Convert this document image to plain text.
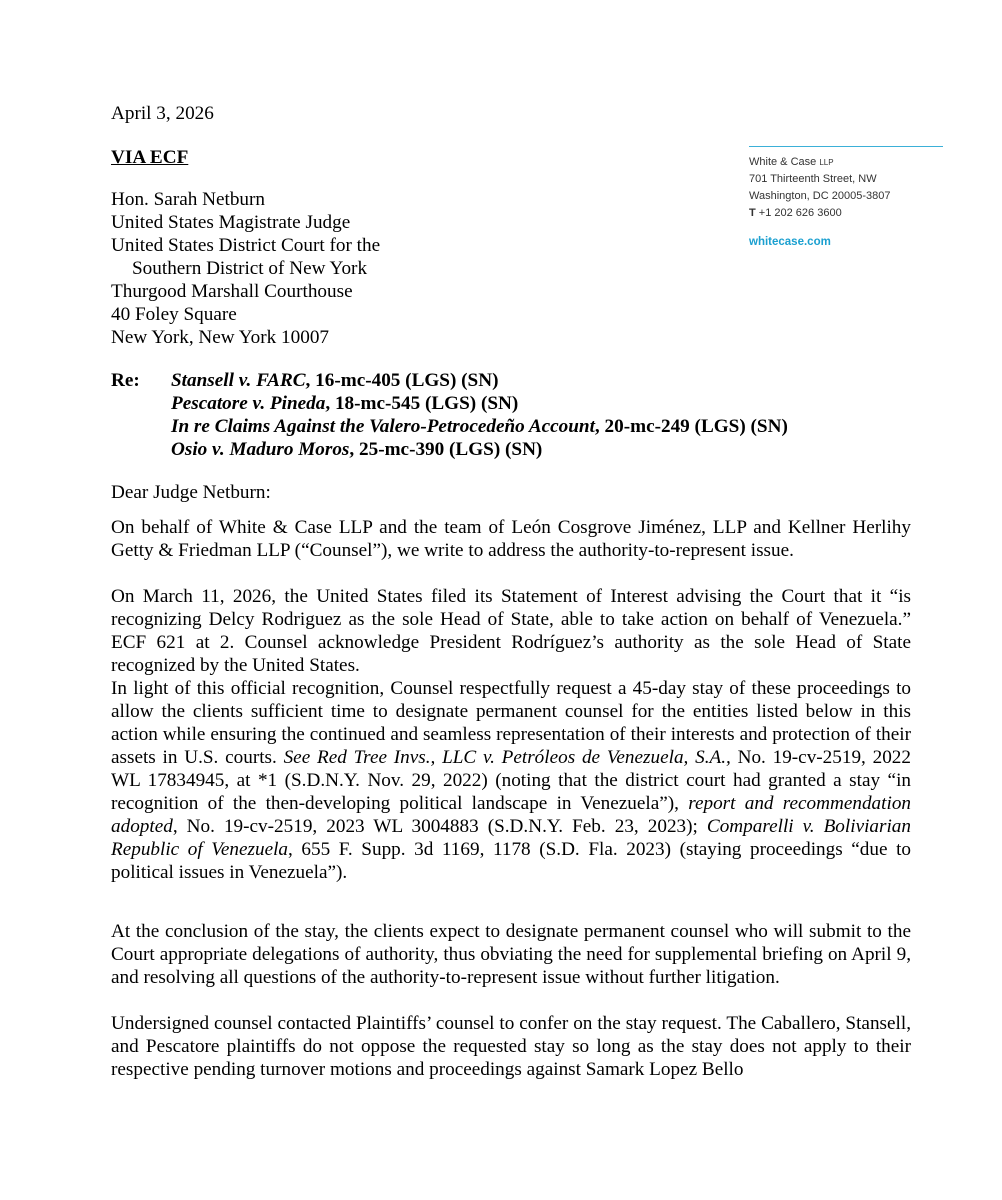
April 3, 2026
VIA ECF
Hon. Sarah Netburn
United States Magistrate Judge
United States District Court for the
Southern District of New York
Thurgood Marshall Courthouse
40 Foley Square
New York, New York 10007
White & Case LLP
701 Thirteenth Street, NW
Washington, DC 20005-3807
T +1 202 626 3600
whitecase.com
Re: Stansell v. FARC, 16-mc-405 (LGS) (SN)
Pescatore v. Pineda, 18-mc-545 (LGS) (SN)
In re Claims Against the Valero-Petrocedeño Account, 20-mc-249 (LGS) (SN)
Osio v. Maduro Moros, 25-mc-390 (LGS) (SN)
Dear Judge Netburn:
On behalf of White & Case LLP and the team of León Cosgrove Jiménez, LLP and Kellner Herlihy Getty & Friedman LLP (“Counsel”), we write to address the authority-to-represent issue.
On March 11, 2026, the United States filed its Statement of Interest advising the Court that it “is recognizing Delcy Rodriguez as the sole Head of State, able to take action on behalf of Venezuela.” ECF 621 at 2. Counsel acknowledge President Rodríguez’s authority as the sole Head of State recognized by the United States.
In light of this official recognition, Counsel respectfully request a 45-day stay of these proceedings to allow the clients sufficient time to designate permanent counsel for the entities listed below in this action while ensuring the continued and seamless representation of their interests and protection of their assets in U.S. courts. See Red Tree Invs., LLC v. Petróleos de Venezuela, S.A., No. 19-cv-2519, 2022 WL 17834945, at *1 (S.D.N.Y. Nov. 29, 2022) (noting that the district court had granted a stay “in recognition of the then-developing political landscape in Venezuela”), report and recommendation adopted, No. 19-cv-2519, 2023 WL 3004883 (S.D.N.Y. Feb. 23, 2023); Comparelli v. Boliviarian Republic of Venezuela, 655 F. Supp. 3d 1169, 1178 (S.D. Fla. 2023) (staying proceedings “due to political issues in Venezuela”).
At the conclusion of the stay, the clients expect to designate permanent counsel who will submit to the Court appropriate delegations of authority, thus obviating the need for supplemental briefing on April 9, and resolving all questions of the authority-to-represent issue without further litigation.
Undersigned counsel contacted Plaintiffs’ counsel to confer on the stay request. The Caballero, Stansell, and Pescatore plaintiffs do not oppose the requested stay so long as the stay does not apply to their respective pending turnover motions and proceedings against Samark Lopez Bello
